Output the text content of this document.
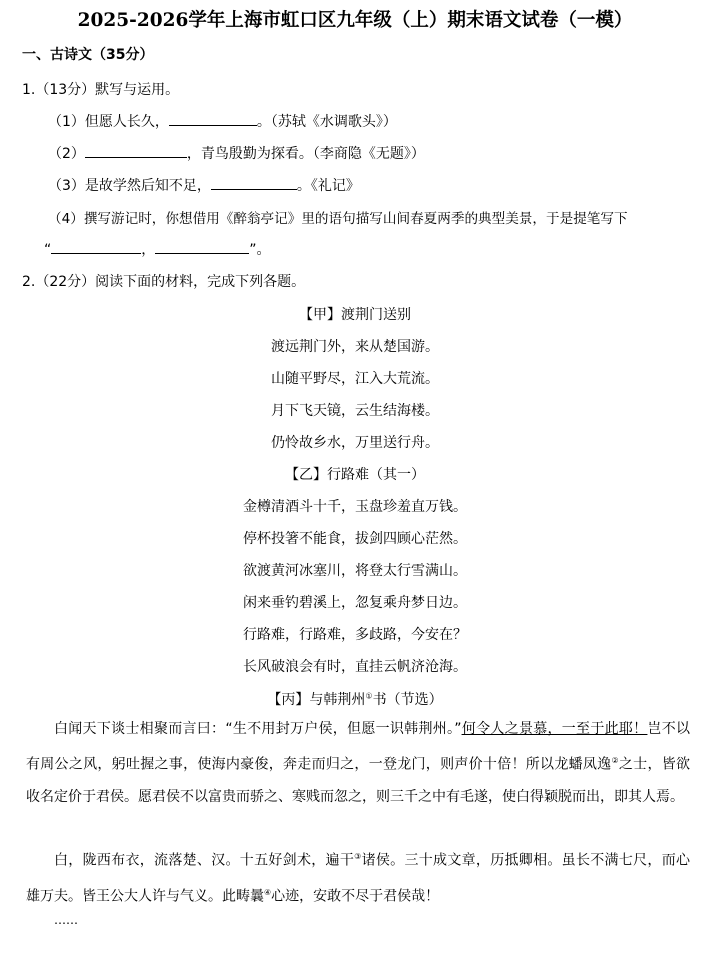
2025-2026学年上海市虹口区九年级（上）期末语文试卷（一模）
一、古诗文（35分）
1.（13分）默写与运用。
（1）但愿人长久，	。（苏轼《水调歌头》）
（2）	，青鸟殷勤为探看。（李商隐《无题》）
（3）是故学然后知不足，	。《礼记》
（4）撰写游记时，你想借用《醉翁亭记》里的语句描写山间春夏两季的典型美景，于是提笔写下
“	，	”。
2.（22分）阅读下面的材料，完成下列各题。
【甲】渡荆门送别
渡远荆门外，来从楚国游。
山随平野尽，江入大荒流。
月下飞天镜，云生结海楼。
仍怜故乡水，万里送行舟。
【乙】行路难（其一）
金樽清酒斗十千，玉盘珍羞直万钱。
停杯投箸不能食，拔剑四顾心茫然。
欲渡黄河冰塞川，将登太行雪满山。
闲来垂钓碧溪上，忽复乘舟梦日边。
行路难，行路难，多歧路，今安在？
长风破浪会有时，直挂云帆济沧海。
【丙】与韩荆州①书（节选）
白闻天下谈士相聚而言曰：“生不用封万户侯，但愿一识韩荆州。”何令人之景慕，一至于此耶！岂不以有周公之风，躬吐握之事，使海内豪俊，奔走而归之，一登龙门，则声价十倍！所以龙蟠凤逸②之士，皆欲收名定价于君侯。愿君侯不以富贵而骄之、寒贱而忽之，则三千之中有毛遂，使白得颖脱而出，即其人焉。
白，陇西布衣，流落楚、汉。十五好剑术，遍干③诸侯。三十成文章，历抵卿相。虽长不满七尺，而心雄万夫。皆王公大人许与气义。此畴曩④心迹，安敢不尽于君侯哉！
……
